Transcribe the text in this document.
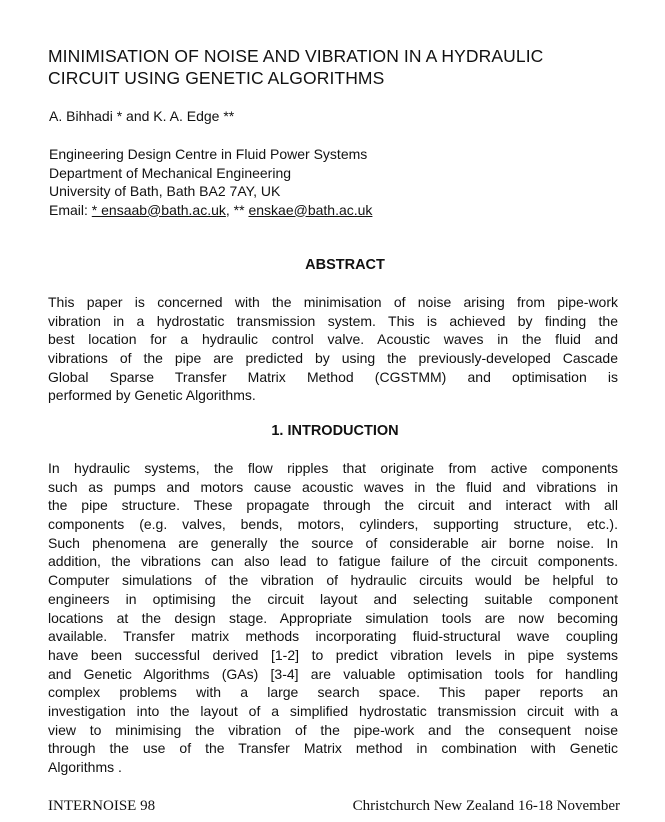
MINIMISATION OF NOISE AND VIBRATION IN A HYDRAULIC
CIRCUIT USING GENETIC ALGORITHMS
A. Bihhadi * and K. A. Edge **
Engineering Design Centre in Fluid Power Systems
Department of Mechanical Engineering
University of Bath, Bath BA2 7AY, UK
Email: * ensaab@bath.ac.uk, ** enskae@bath.ac.uk
ABSTRACT
This paper is concerned with the minimisation of noise arising from pipe-work
vibration in a hydrostatic transmission system. This is achieved by finding the
best location for a hydraulic control valve. Acoustic waves in the fluid and
vibrations of the pipe are predicted by using the previously-developed Cascade
Global Sparse Transfer Matrix Method (CGSTMM) and optimisation is
performed by Genetic Algorithms.
1. INTRODUCTION
In hydraulic systems, the flow ripples that originate from active components
such as pumps and motors cause acoustic waves in the fluid and vibrations in
the pipe structure. These propagate through the circuit and interact with all
components (e.g. valves, bends, motors, cylinders, supporting structure, etc.).
Such phenomena are generally the source of considerable air borne noise. In
addition, the vibrations can also lead to fatigue failure of the circuit components.
Computer simulations of the vibration of hydraulic circuits would be helpful to
engineers in optimising the circuit layout and selecting suitable component
locations at the design stage. Appropriate simulation tools are now becoming
available. Transfer matrix methods incorporating fluid-structural wave coupling
have been successful derived [1-2] to predict vibration levels in pipe systems
and Genetic Algorithms (GAs) [3-4] are valuable optimisation tools for handling
complex problems with a large search space. This paper reports an
investigation into the layout of a simplified hydrostatic transmission circuit with a
view to minimising the vibration of the pipe-work and the consequent noise
through the use of the Transfer Matrix method in combination with Genetic
Algorithms .
INTERNOISE 98	Christchurch New Zealand 16-18 November
